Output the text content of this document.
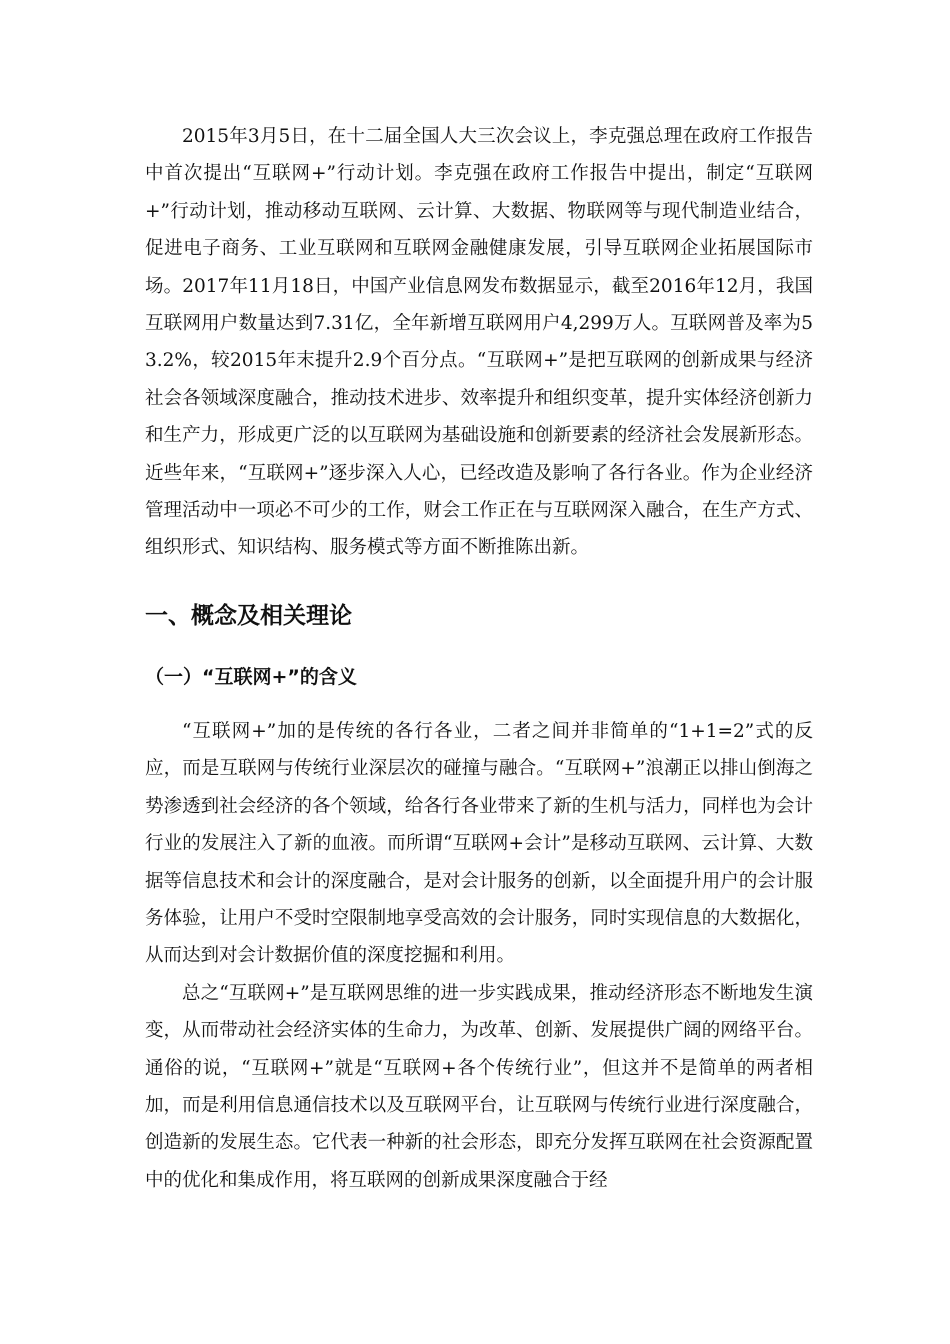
2015年3月5日，在十二届全国人大三次会议上，李克强总理在政府工作报告中首次提出“互联网+”行动计划。李克强在政府工作报告中提出，制定“互联网+”行动计划，推动移动互联网、云计算、大数据、物联网等与现代制造业结合，促进电子商务、工业互联网和互联网金融健康发展，引导互联网企业拓展国际市场。2017年11月18日，中国产业信息网发布数据显示，截至2016年12月，我国互联网用户数量达到7.31亿，全年新增互联网用户4,299万人。互联网普及率为53.2%，较2015年末提升2.9个百分点。“互联网+”是把互联网的创新成果与经济社会各领域深度融合，推动技术进步、效率提升和组织变革，提升实体经济创新力和生产力，形成更广泛的以互联网为基础设施和创新要素的经济社会发展新形态。近些年来，“互联网+”逐步深入人心，已经改造及影响了各行各业。作为企业经济管理活动中一项必不可少的工作，财会工作正在与互联网深入融合，在生产方式、组织形式、知识结构、服务模式等方面不断推陈出新。

一、概念及相关理论
（一）“互联网+”的含义

“互联网+”加的是传统的各行各业，二者之间并非简单的“1+1=2”式的反应，而是互联网与传统行业深层次的碰撞与融合。“互联网+”浪潮正以排山倒海之势渗透到社会经济的各个领域，给各行各业带来了新的生机与活力，同样也为会计行业的发展注入了新的血液。而所谓“互联网+会计”是移动互联网、云计算、大数据等信息技术和会计的深度融合，是对会计服务的创新，以全面提升用户的会计服务体验，让用户不受时空限制地享受高效的会计服务，同时实现信息的大数据化，从而达到对会计数据价值的深度挖掘和利用。

总之“互联网+”是互联网思维的进一步实践成果，推动经济形态不断地发生演变，从而带动社会经济实体的生命力，为改革、创新、发展提供广阔的网络平台。通俗的说，“互联网+”就是“互联网+各个传统行业”，但这并不是简单的两者相加，而是利用信息通信技术以及互联网平台，让互联网与传统行业进行深度融合，创造新的发展生态。它代表一种新的社会形态，即充分发挥互联网在社会资源配置中的优化和集成作用，将互联网的创新成果深度融合于经
